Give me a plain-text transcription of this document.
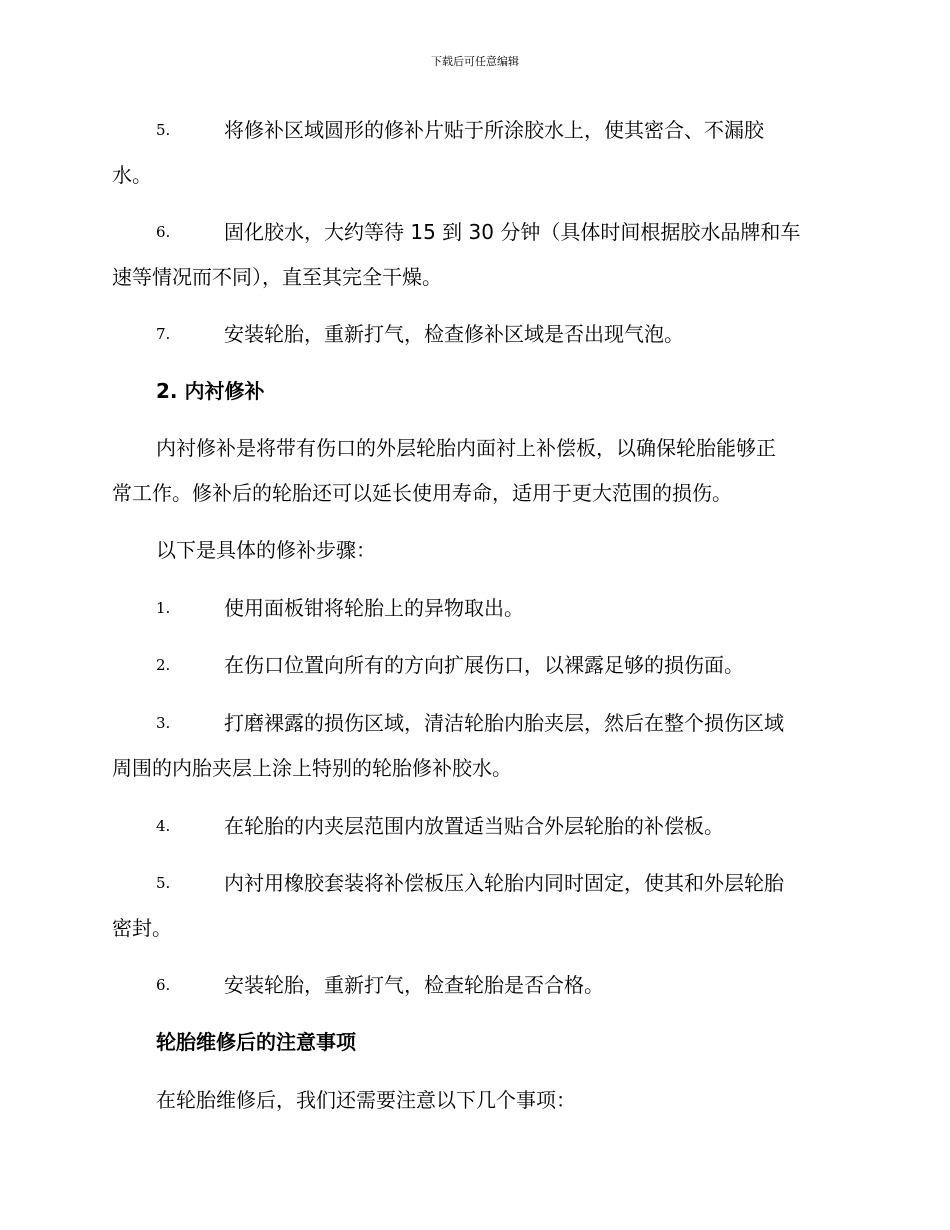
下载后可任意编辑
5.	将修补区域圆形的修补片贴于所涂胶水上，使其密合、不漏胶
水。
6.	固化胶水，大约等待 15 到 30 分钟（具体时间根据胶水品牌和车
速等情况而不同），直至其完全干燥。
7.	安装轮胎，重新打气，检查修补区域是否出现气泡。
2. 内衬修补
内衬修补是将带有伤口的外层轮胎内面衬上补偿板，以确保轮胎能够正
常工作。修补后的轮胎还可以延长使用寿命，适用于更大范围的损伤。
以下是具体的修补步骤：
1.	使用面板钳将轮胎上的异物取出。
2.	在伤口位置向所有的方向扩展伤口，以裸露足够的损伤面。
3.	打磨裸露的损伤区域，清洁轮胎内胎夹层，然后在整个损伤区域
周围的内胎夹层上涂上特别的轮胎修补胶水。
4.	在轮胎的内夹层范围内放置适当贴合外层轮胎的补偿板。
5.	内衬用橡胶套装将补偿板压入轮胎内同时固定，使其和外层轮胎
密封。
6.	安装轮胎，重新打气，检查轮胎是否合格。
轮胎维修后的注意事项
在轮胎维修后，我们还需要注意以下几个事项：
